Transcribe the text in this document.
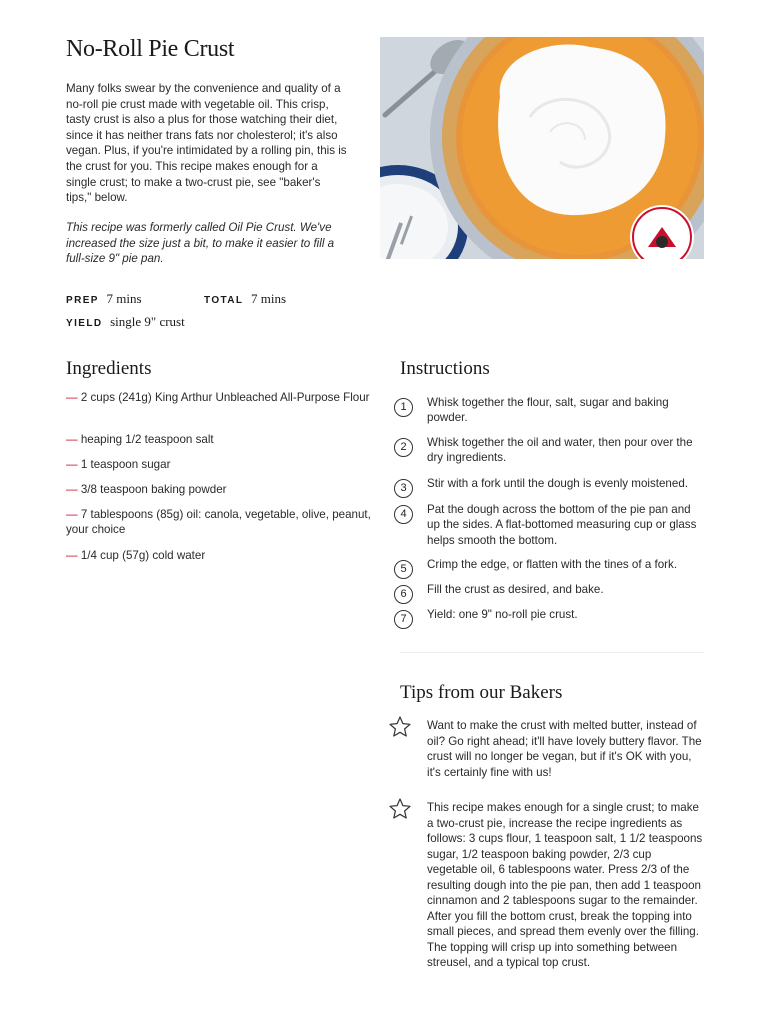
No-Roll Pie Crust

Many folks swear by the convenience and quality of a no-roll pie crust made with vegetable oil. This crisp, tasty crust is also a plus for those watching their diet, since it has neither trans fats nor cholesterol; it's also vegan. Plus, if you're intimidated by a rolling pin, this is the crust for you. This recipe makes enough for a single crust; to make a two-crust pie, see "baker's tips," below.

This recipe was formerly called Oil Pie Crust. We've increased the size just a bit, to make it easier to fill a full-size 9" pie pan.

PREP 7 mins	TOTAL 7 mins
YIELD single 9" crust
Ingredients
— 2 cups (241g) King Arthur Unbleached All-Purpose Flour
— heaping 1/2 teaspoon salt
— 1 teaspoon sugar
— 3/8 teaspoon baking powder
— 7 tablespoons (85g) oil: canola, vegetable, olive, peanut, your choice
— 1/4 cup (57g) cold water
Instructions
1	Whisk together the flour, salt, sugar and baking powder.
2	Whisk together the oil and water, then pour over the dry ingredients.
3	Stir with a fork until the dough is evenly moistened.
4	Pat the dough across the bottom of the pie pan and up the sides. A flat-bottomed measuring cup or glass helps smooth the bottom.
5	Crimp the edge, or flatten with the tines of a fork.
6	Fill the crust as desired, and bake.
7	Yield: one 9" no-roll pie crust.
Tips from our Bakers
Want to make the crust with melted butter, instead of oil? Go right ahead; it'll have lovely buttery flavor. The crust will no longer be vegan, but if it's OK with you, it's certainly fine with us!
This recipe makes enough for a single crust; to make a two-crust pie, increase the recipe ingredients as follows: 3 cups flour, 1 teaspoon salt, 1 1/2 teaspoons sugar, 1/2 teaspoon baking powder, 2/3 cup vegetable oil, 6 tablespoons water. Press 2/3 of the resulting dough into the pie pan, then add 1 teaspoon cinnamon and 2 tablespoons sugar to the remainder. After you fill the bottom crust, break the topping into small pieces, and spread them evenly over the filling. The topping will crisp up into something between streusel, and a typical top crust.
